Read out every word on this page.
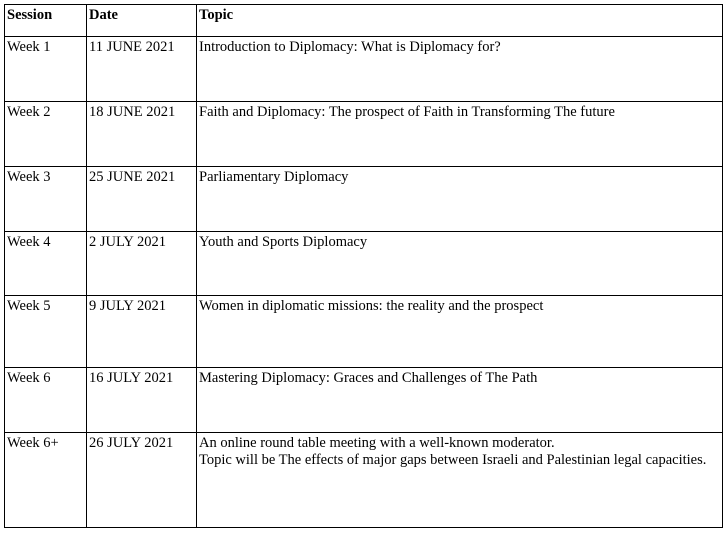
Session	Date	Topic
Week 1	11 JUNE 2021	Introduction to Diplomacy: What is Diplomacy for?
Week 2	18 JUNE 2021	Faith and Diplomacy: The prospect of Faith in Transforming The future
Week 3	25 JUNE 2021	Parliamentary Diplomacy
Week 4	2 JULY 2021	Youth and Sports Diplomacy
Week 5	9 JULY 2021	Women in diplomatic missions: the reality and the prospect
Week 6	16 JULY 2021	Mastering Diplomacy: Graces and Challenges of The Path
Week 6+	26 JULY 2021	An online round table meeting with a well-known moderator.
Topic will be The effects of major gaps between Israeli and Palestinian legal capacities.
